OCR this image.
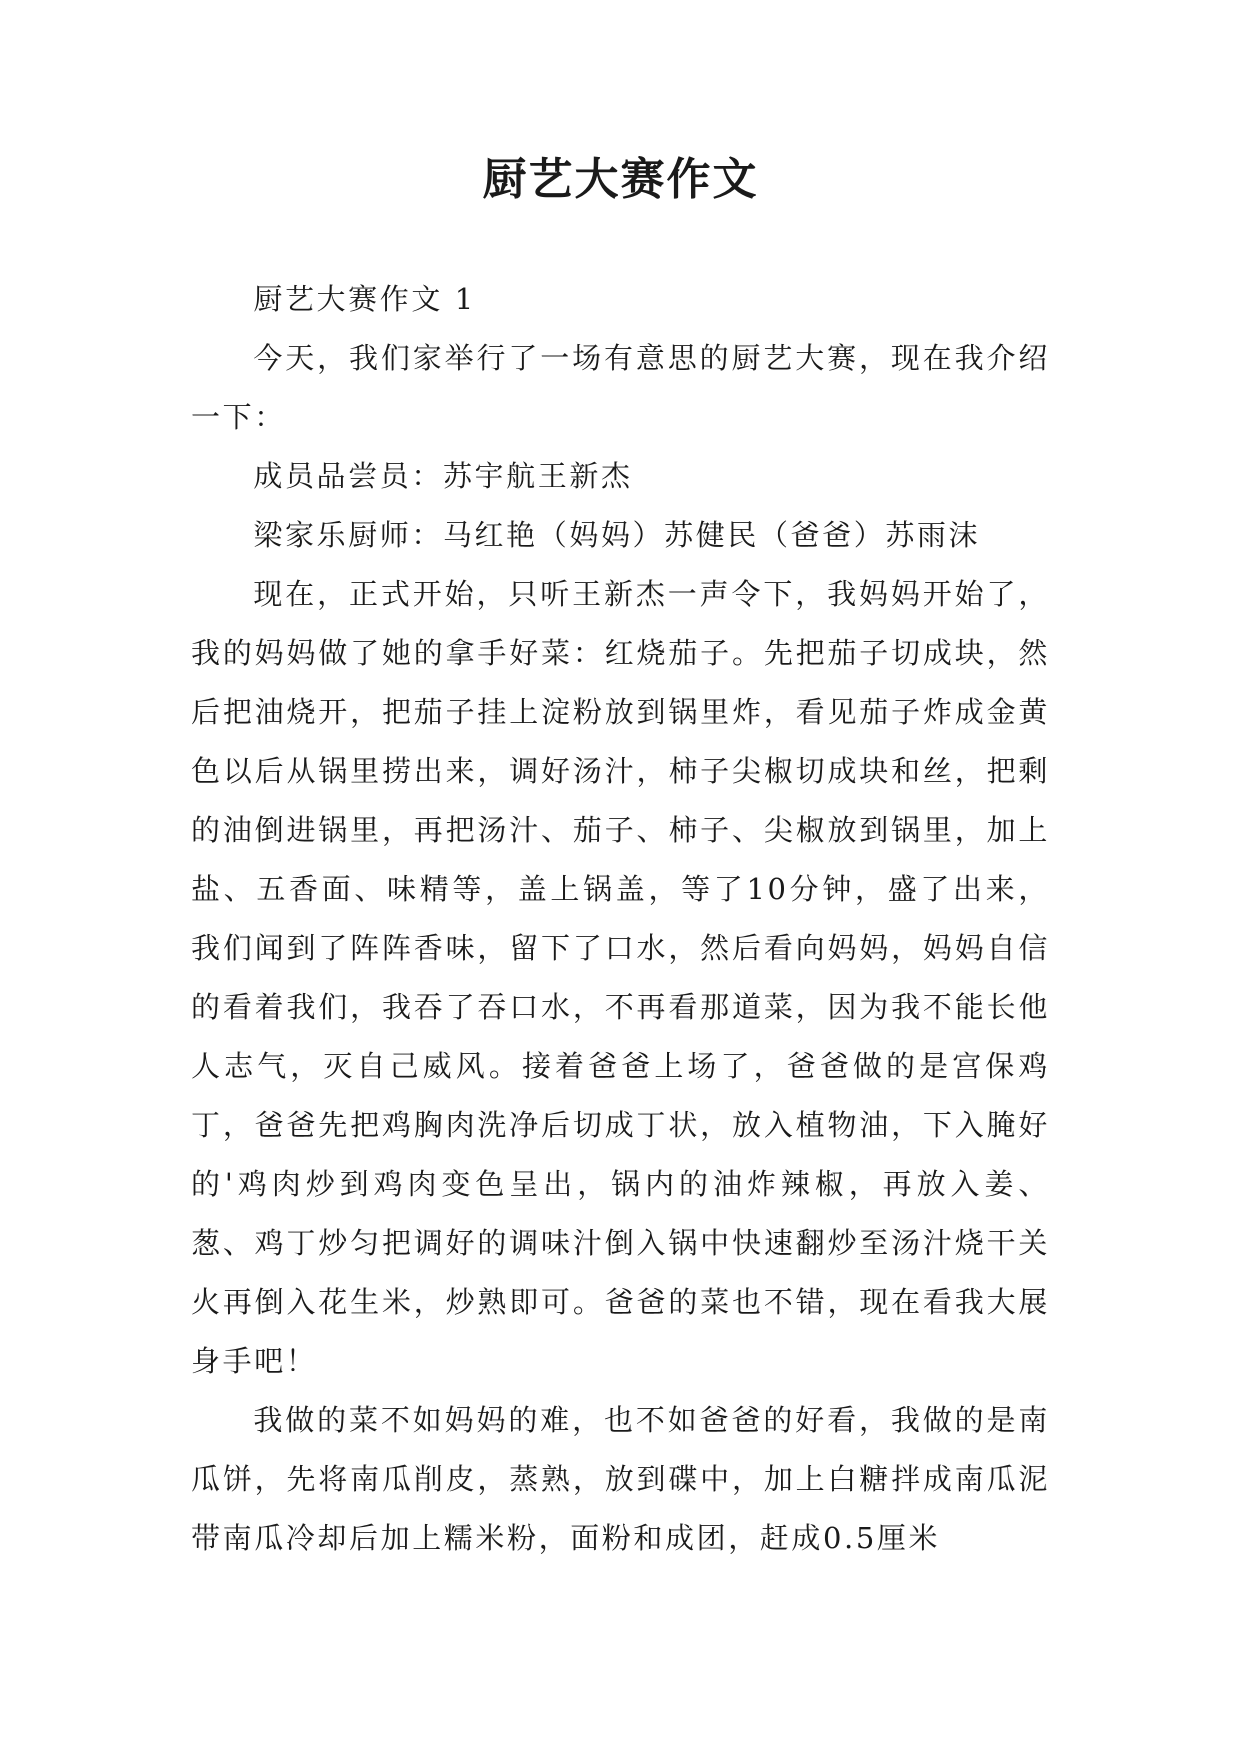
厨艺大赛作文

厨艺大赛作文 1

今天，我们家举行了一场有意思的厨艺大赛，现在我介绍一下：

成员品尝员：苏宇航王新杰

梁家乐厨师：马红艳（妈妈）苏健民（爸爸）苏雨沫

现在，正式开始，只听王新杰一声令下，我妈妈开始了，我的妈妈做了她的拿手好菜：红烧茄子。先把茄子切成块，然后把油烧开，把茄子挂上淀粉放到锅里炸，看见茄子炸成金黄色以后从锅里捞出来，调好汤汁，柿子尖椒切成块和丝，把剩的油倒进锅里，再把汤汁、茄子、柿子、尖椒放到锅里，加上盐、五香面、味精等，盖上锅盖，等了10分钟，盛了出来，我们闻到了阵阵香味，留下了口水，然后看向妈妈，妈妈自信的看着我们，我吞了吞口水，不再看那道菜，因为我不能长他人志气，灭自己威风。接着爸爸上场了，爸爸做的是宫保鸡丁，爸爸先把鸡胸肉洗净后切成丁状，放入植物油，下入腌好的'鸡肉炒到鸡肉变色呈出，锅内的油炸辣椒，再放入姜、葱、鸡丁炒匀把调好的调味汁倒入锅中快速翻炒至汤汁烧干关火再倒入花生米，炒熟即可。爸爸的菜也不错，现在看我大展身手吧！

我做的菜不如妈妈的难，也不如爸爸的好看，我做的是南瓜饼，先将南瓜削皮，蒸熟，放到碟中，加上白糖拌成南瓜泥带南瓜冷却后加上糯米粉，面粉和成团，赶成0.5厘米
